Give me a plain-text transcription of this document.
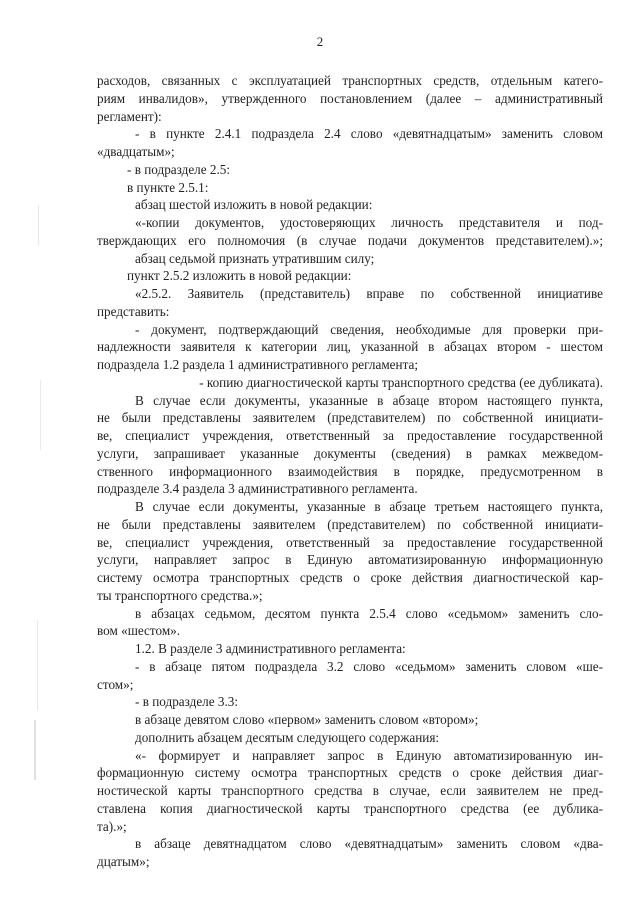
2
расходов, связанных с эксплуатацией транспортных средств, отдельным катего-
риям инвалидов», утвержденного постановлением (далее – административный
регламент):
- в пункте 2.4.1 подраздела 2.4 слово «девятнадцатым» заменить словом
«двадцатым»;
- в подразделе 2.5:
в пункте 2.5.1:
абзац шестой изложить в новой редакции:
«-копии документов, удостоверяющих личность представителя и под-
тверждающих его полномочия (в случае подачи документов представителем).»;
абзац седьмой признать утратившим силу;
пункт 2.5.2 изложить в новой редакции:
«2.5.2. Заявитель (представитель) вправе по собственной инициативе
представить:
- документ, подтверждающий сведения, необходимые для проверки при-
надлежности заявителя к категории лиц, указанной в абзацах втором - шестом
подраздела 1.2 раздела 1 административного регламента;
- копию диагностической карты транспортного средства (ее дубликата).
В случае если документы, указанные в абзаце втором настоящего пункта,
не были представлены заявителем (представителем) по собственной инициати-
ве, специалист учреждения, ответственный за предоставление государственной
услуги, запрашивает указанные документы (сведения) в рамках межведом-
ственного информационного взаимодействия в порядке, предусмотренном в
подразделе 3.4 раздела 3 административного регламента.
В случае если документы, указанные в абзаце третьем настоящего пункта,
не были представлены заявителем (представителем) по собственной инициати-
ве, специалист учреждения, ответственный за предоставление государственной
услуги, направляет запрос в Единую автоматизированную информационную
систему осмотра транспортных средств о сроке действия диагностической кар-
ты транспортного средства.»;
в абзацах седьмом, десятом пункта 2.5.4 слово «седьмом» заменить сло-
вом «шестом».
1.2. В разделе 3 административного регламента:
- в абзаце пятом подраздела 3.2 слово «седьмом» заменить словом «ше-
стом»;
- в подразделе 3.3:
в абзаце девятом слово «первом» заменить словом «втором»;
дополнить абзацем десятым следующего содержания:
«- формирует и направляет запрос в Единую автоматизированную ин-
формационную систему осмотра транспортных средств о сроке действия диаг-
ностической карты транспортного средства в случае, если заявителем не пред-
ставлена копия диагностической карты транспортного средства (ее дублика-
та).»;
в абзаце девятнадцатом слово «девятнадцатым» заменить словом «два-
дцатым»;
